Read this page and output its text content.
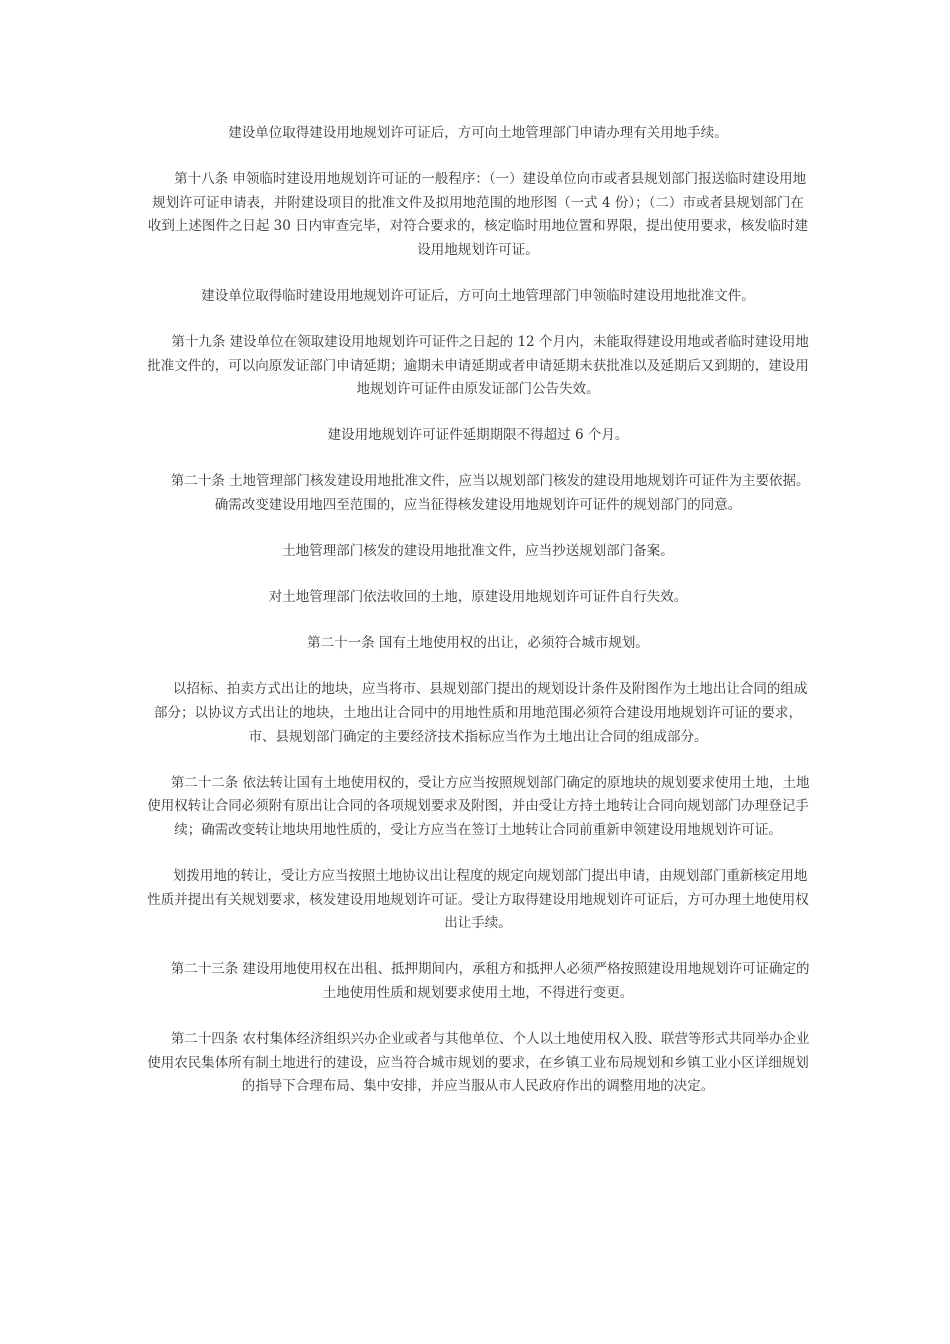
建设单位取得建设用地规划许可证后，方可向土地管理部门申请办理有关用地手续。

第十八条 申领临时建设用地规划许可证的一般程序：（一）建设单位向市或者县规划部门报送临时建设用地规划许可证申请表，并附建设项目的批准文件及拟用地范围的地形图（一式 4 份）；（二）市或者县规划部门在收到上述图件之日起 30 日内审查完毕，对符合要求的，核定临时用地位置和界限，提出使用要求，核发临时建设用地规划许可证。

建设单位取得临时建设用地规划许可证后，方可向土地管理部门申领临时建设用地批准文件。

第十九条 建设单位在领取建设用地规划许可证件之日起的 12 个月内，未能取得建设用地或者临时建设用地批准文件的，可以向原发证部门申请延期；逾期未申请延期或者申请延期未获批准以及延期后又到期的，建设用地规划许可证件由原发证部门公告失效。

建设用地规划许可证件延期期限不得超过 6 个月。

第二十条 土地管理部门核发建设用地批准文件，应当以规划部门核发的建设用地规划许可证件为主要依据。确需改变建设用地四至范围的，应当征得核发建设用地规划许可证件的规划部门的同意。

土地管理部门核发的建设用地批准文件，应当抄送规划部门备案。

对土地管理部门依法收回的土地，原建设用地规划许可证件自行失效。

第二十一条 国有土地使用权的出让，必须符合城市规划。

以招标、拍卖方式出让的地块，应当将市、县规划部门提出的规划设计条件及附图作为土地出让合同的组成部分；以协议方式出让的地块，土地出让合同中的用地性质和用地范围必须符合建设用地规划许可证的要求，市、县规划部门确定的主要经济技术指标应当作为土地出让合同的组成部分。

第二十二条 依法转让国有土地使用权的，受让方应当按照规划部门确定的原地块的规划要求使用土地，土地使用权转让合同必须附有原出让合同的各项规划要求及附图，并由受让方持土地转让合同向规划部门办理登记手续；确需改变转让地块用地性质的，受让方应当在签订土地转让合同前重新申领建设用地规划许可证。

划拨用地的转让，受让方应当按照土地协议出让程度的规定向规划部门提出申请，由规划部门重新核定用地性质并提出有关规划要求，核发建设用地规划许可证。受让方取得建设用地规划许可证后，方可办理土地使用权出让手续。

第二十三条 建设用地使用权在出租、抵押期间内，承租方和抵押人必须严格按照建设用地规划许可证确定的土地使用性质和规划要求使用土地，不得进行变更。

第二十四条 农村集体经济组织兴办企业或者与其他单位、个人以土地使用权入股、联营等形式共同举办企业使用农民集体所有制土地进行的建设，应当符合城市规划的要求，在乡镇工业布局规划和乡镇工业小区详细规划的指导下合理布局、集中安排，并应当服从市人民政府作出的调整用地的决定。
